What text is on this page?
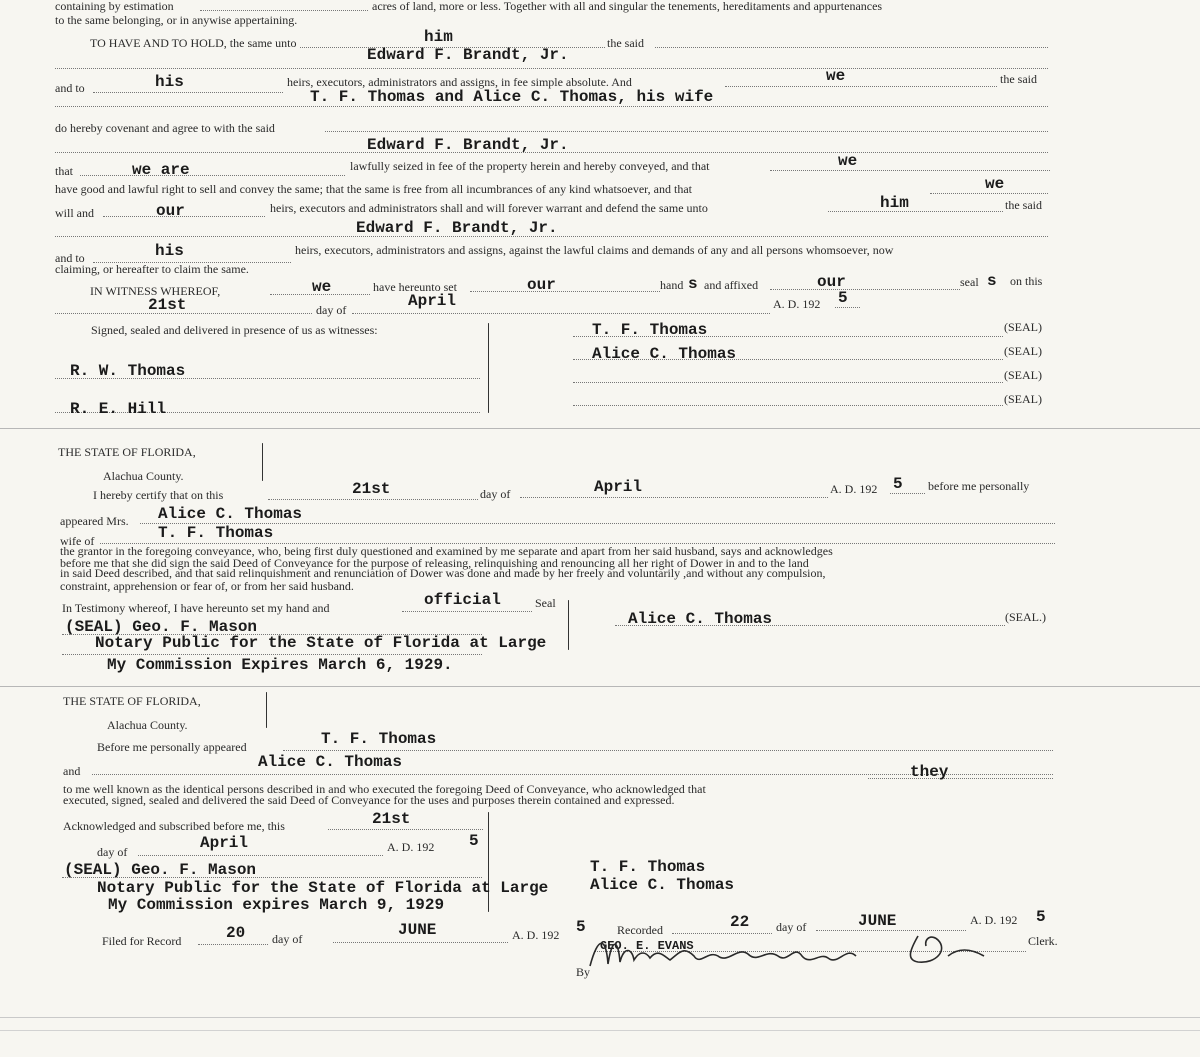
containing by estimation	acres of land, more or less. Together with all and singular the tenements, hereditaments and appurtenances
to the same belonging, or in anywise appertaining.
TO HAVE AND TO HOLD, the same unto	him	the said
Edward F. Brandt, Jr.
and to	his	heirs, executors, administrators and assigns, in fee simple absolute. And	we	the said
T. F. Thomas and Alice C. Thomas, his wife
do hereby covenant and agree to with the said
Edward F. Brandt, Jr.
that	we are	lawfully seized in fee of the property herein and hereby conveyed, and that	we
have good and lawful right to sell and convey the same; that the same is free from all incumbrances of any kind whatsoever, and that	we
will and	our	heirs, executors and administrators shall and will forever warrant and defend the same unto	him	the said
Edward F. Brandt, Jr.
and to	his	heirs, executors, administrators and assigns, against the lawful claims and demands of any and all persons whomsoever, now
claiming, or hereafter to claim the same.
IN WITNESS WHEREOF,	we	have hereunto set	our	hand s and affixed	our	seal s on this
21st	day of	April	A. D. 192 5
Signed, sealed and delivered in presence of us as witnesses:
R. W. Thomas
R. E. Hill
T. F. Thomas	(SEAL)
Alice C. Thomas	(SEAL)
(SEAL)
(SEAL)
THE STATE OF FLORIDA,
Alachua County.
I hereby certify that on this	21st	day of	April	A. D. 192 5 before me personally
appeared Mrs. Alice C. Thomas
wife of	T. F. Thomas
the grantor in the foregoing conveyance, who, being first duly questioned and examined by me separate and apart from her said husband, says and acknowledges
before me that she did sign the said Deed of Conveyance for the purpose of releasing, relinquishing and renouncing all her right of Dower in and to the land
in said Deed described, and that said relinquishment and renunciation of Dower was done and made by her freely and voluntarily ,and without any compulsion,
constraint, apprehension or fear of, or from her said husband.
In Testimony whereof, I have hereunto set my hand and	official	Seal
(SEAL) Geo. F. Mason
Notary Public for the State of Florida at Large
My Commission Expires March 6, 1929.
Alice C. Thomas	(SEAL.)
THE STATE OF FLORIDA,
Alachua County.
Before me personally appeared	T. F. Thomas
and	Alice C. Thomas
to me well known as the identical persons described in and who executed the foregoing Deed of Conveyance, who acknowledged that
they
executed, signed, sealed and delivered the said Deed of Conveyance for the uses and purposes therein contained and expressed.
Acknowledged and subscribed before me, this	21st
day of	April	A. D. 192 5
(SEAL) Geo. F. Mason
Notary Public for the State of Florida at Large
My Commission expires March 9, 1929
T. F. Thomas
Alice C. Thomas
Filed for Record	20 day of	JUNE	A. D. 192 5	Recorded	22 day of	JUNE	A. D. 192 5
GEO. E. EVANS	Clerk.
By
